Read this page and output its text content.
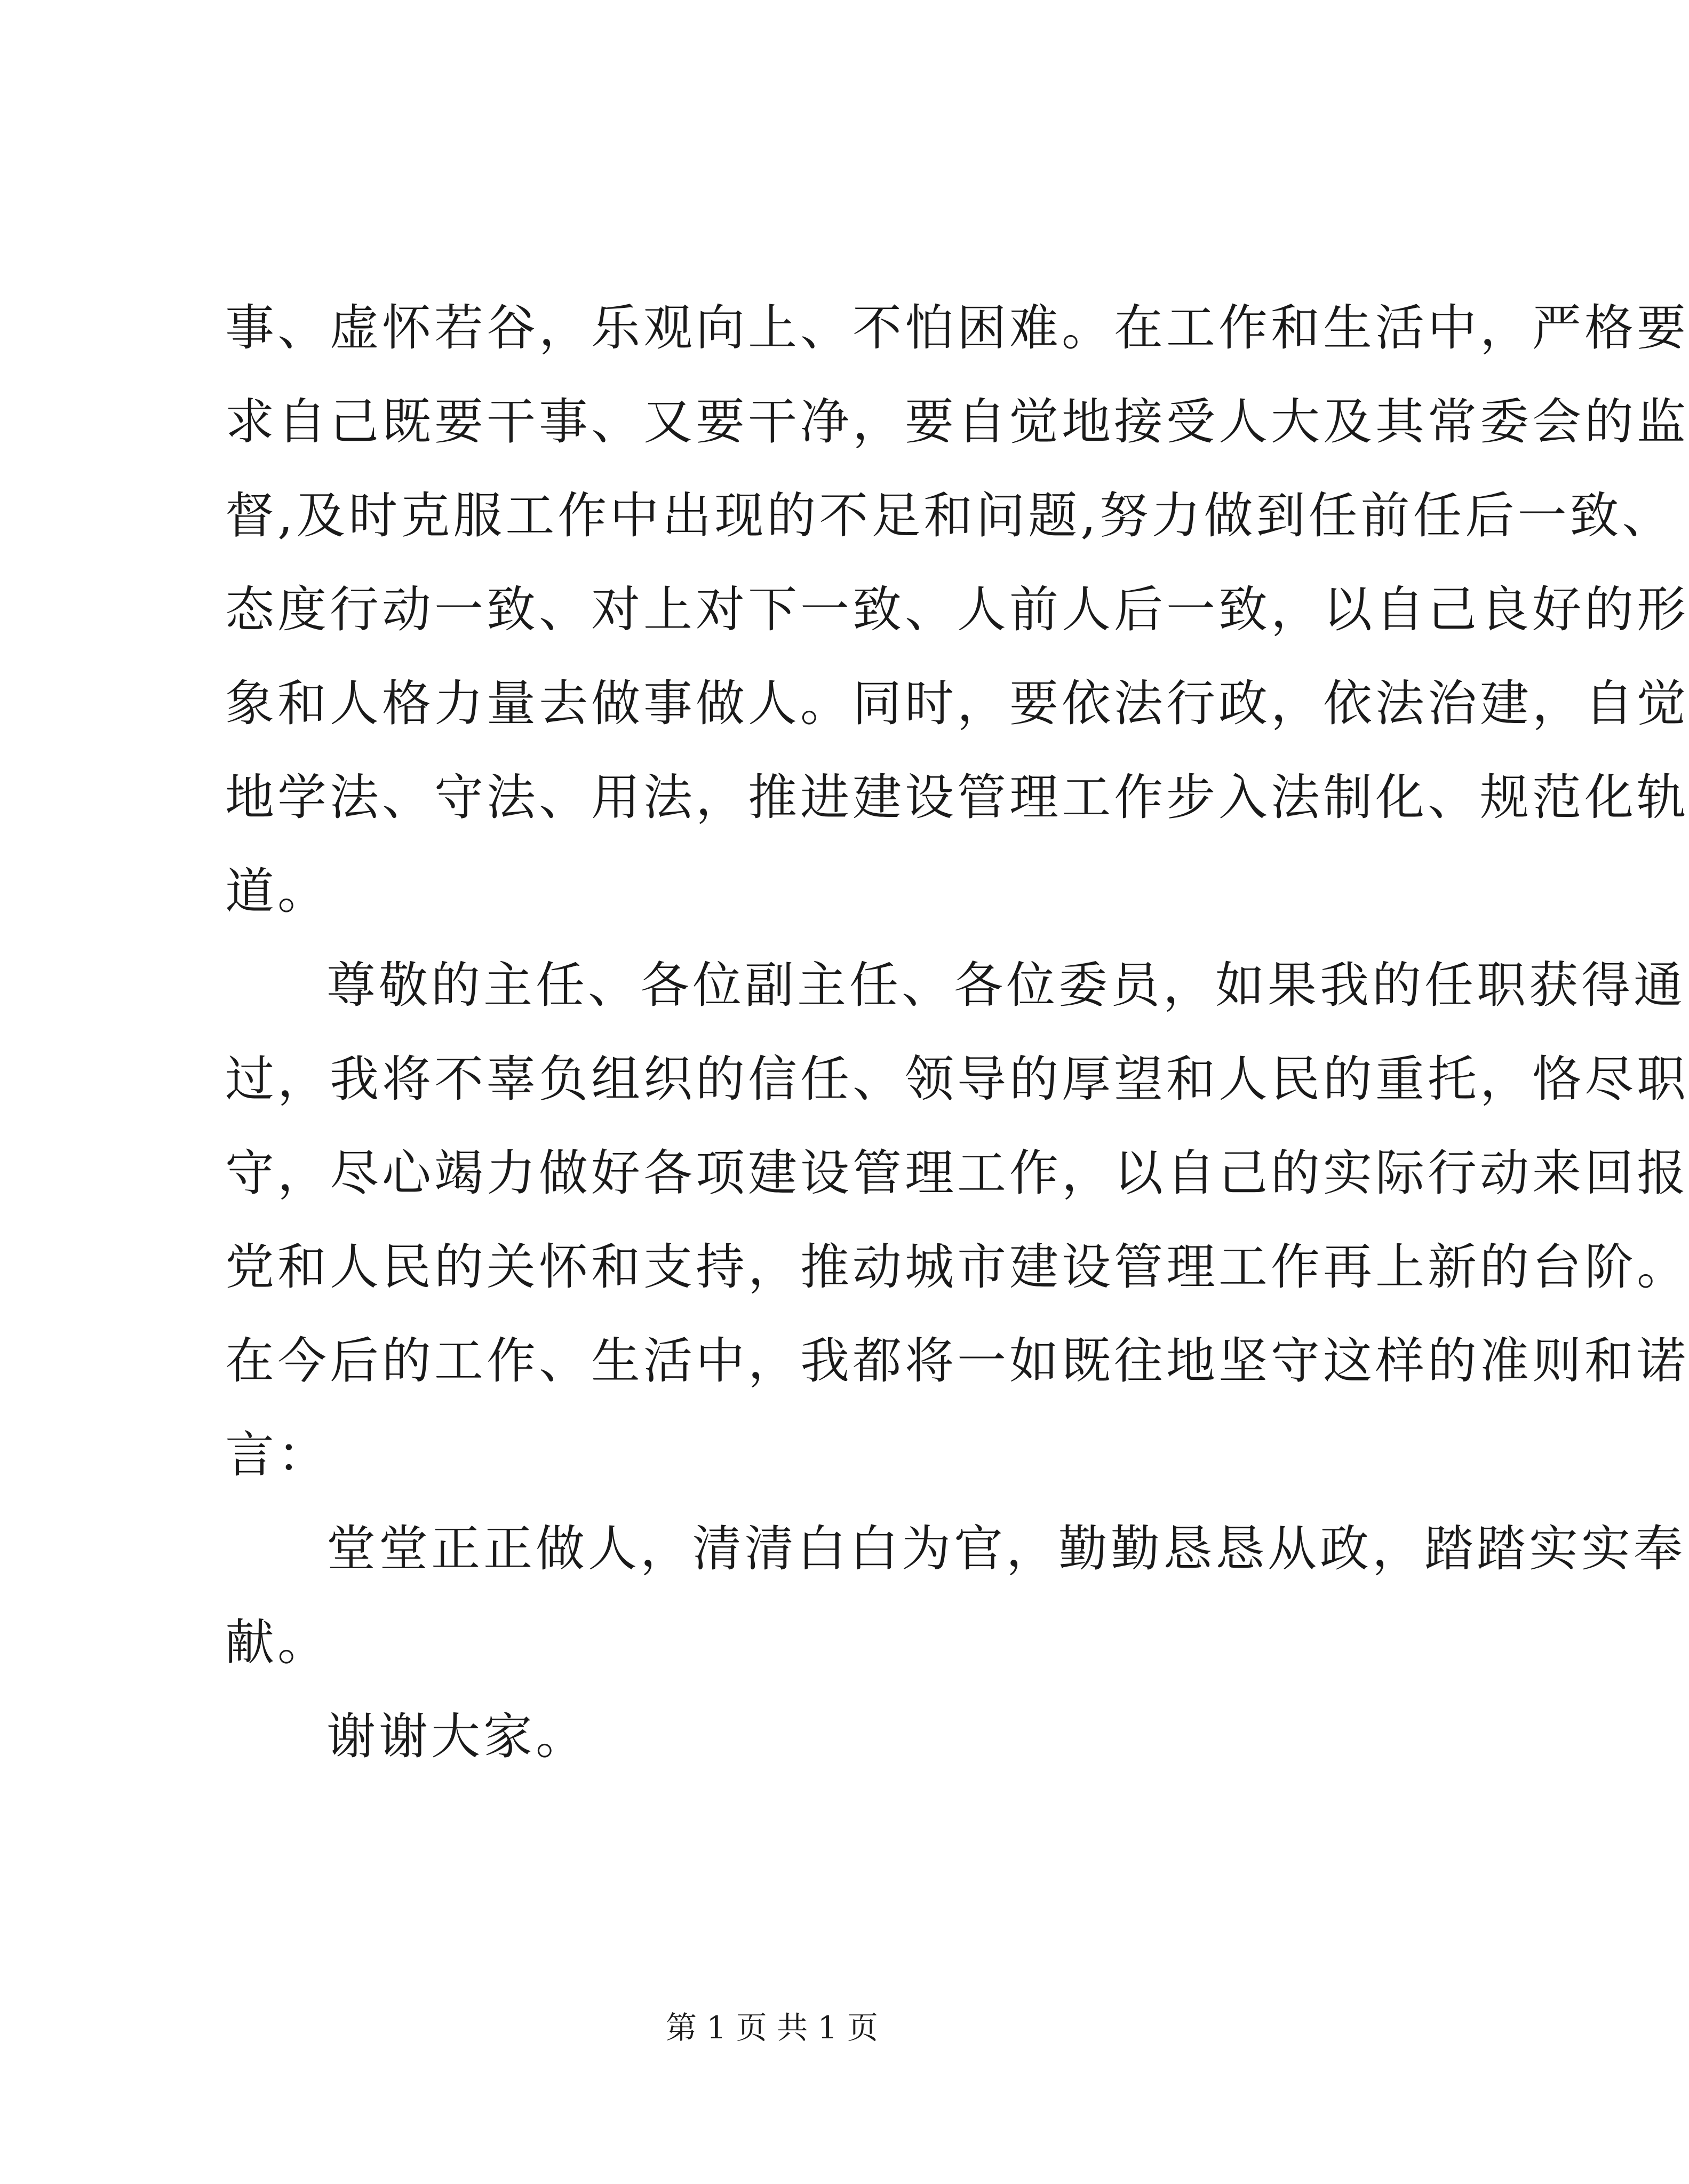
事、虚怀若谷，乐观向上、不怕困难。在工作和生活中，严格要
求自己既要干事、又要干净，要自觉地接受人大及其常委会的监
督,及时克服工作中出现的不足和问题,努力做到任前任后一致、
态度行动一致、对上对下一致、人前人后一致，以自己良好的形
象和人格力量去做事做人。同时，要依法行政，依法治建，自觉
地学法、守法、用法，推进建设管理工作步入法制化、规范化轨
道。
尊敬的主任、各位副主任、各位委员，如果我的任职获得通
过，我将不辜负组织的信任、领导的厚望和人民的重托，恪尽职
守，尽心竭力做好各项建设管理工作，以自己的实际行动来回报
党和人民的关怀和支持，推动城市建设管理工作再上新的台阶。
在今后的工作、生活中，我都将一如既往地坚守这样的准则和诺
言：
堂堂正正做人，清清白白为官，勤勤恳恳从政，踏踏实实奉
献。
谢谢大家。
第 1 页 共 1 页
